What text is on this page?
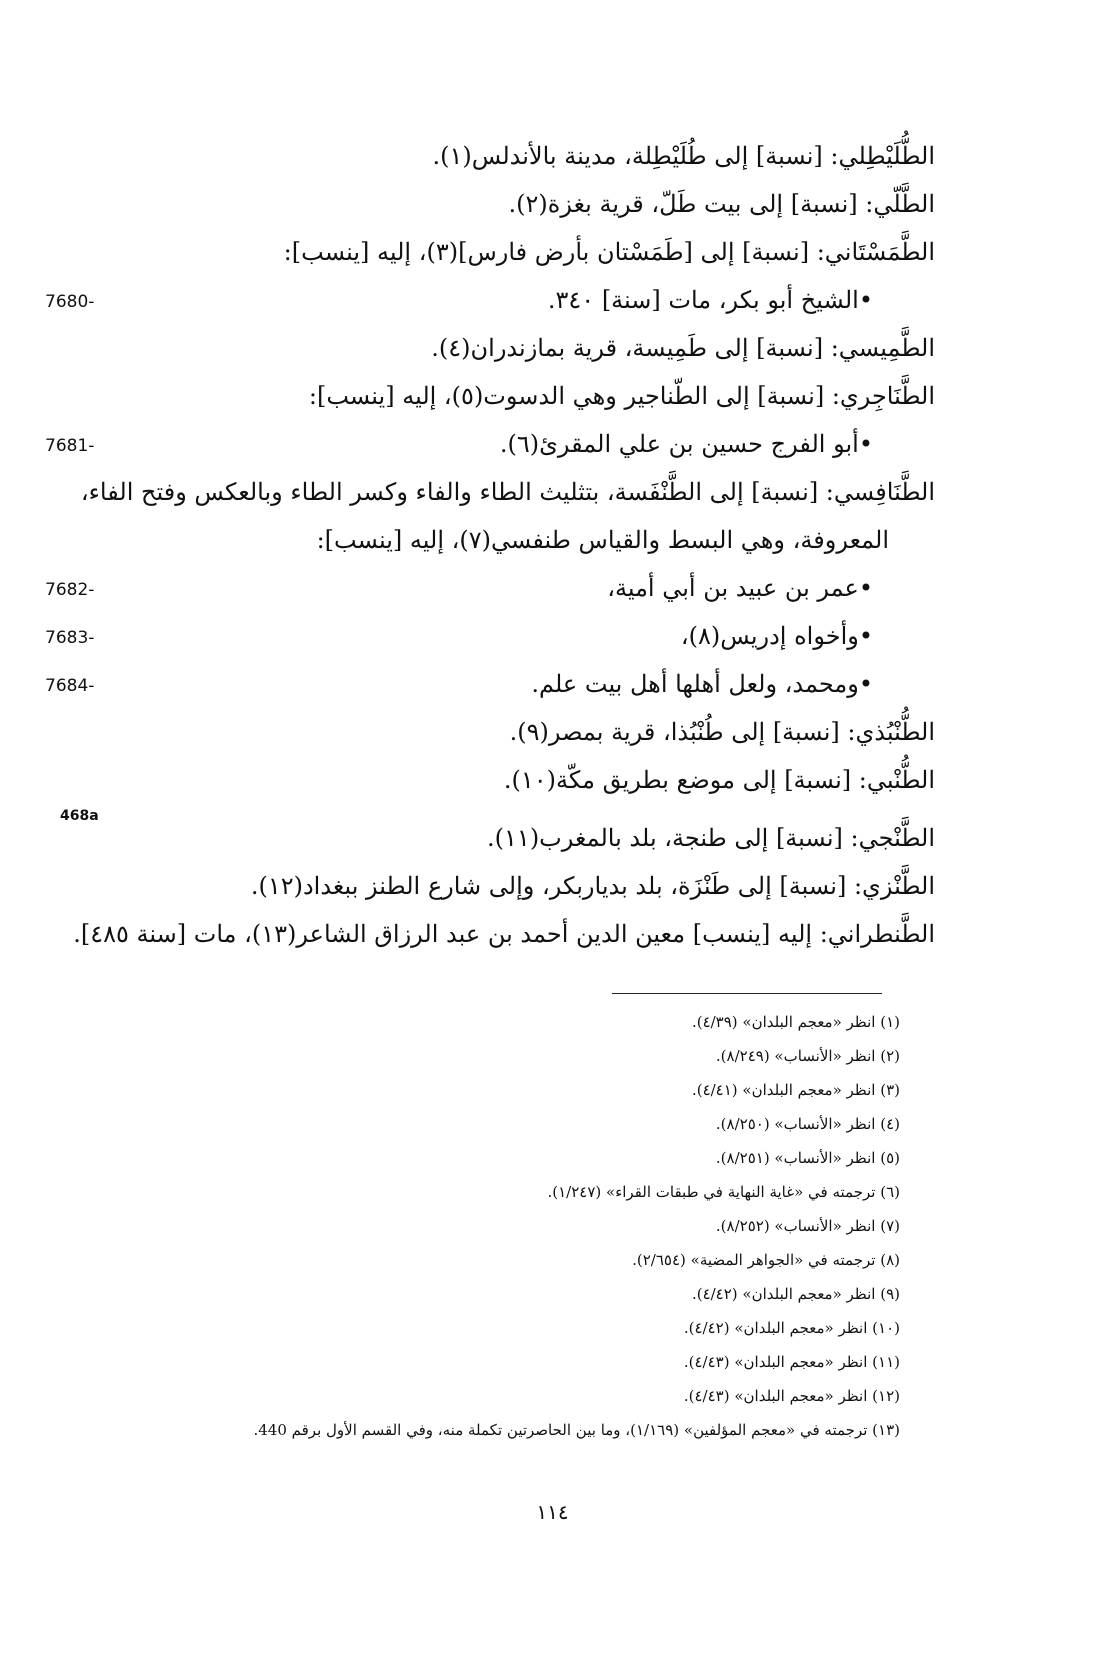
الطُّلَيْطِلي: [نسبة] إلى طُلَيْطِلة، مدينة بالأندلس(١).
الطَّلّي: [نسبة] إلى بيت طَلّ، قرية بغزة(٢).
الطَّمَسْتَاني: [نسبة] إلى [طَمَسْتان بأرض فارس](٣)، إليه [ينسب]:
•الشيخ أبو بكر، مات [سنة] ٣٤٠.
7680-
الطَّمِيسي: [نسبة] إلى طَمِيسة، قرية بمازندران(٤).
الطَّنَاجِري: [نسبة] إلى الطّناجير وهي الدسوت(٥)، إليه [ينسب]:
•أبو الفرج حسين بن علي المقرئ(٦).
7681-
الطَّنَافِسي: [نسبة] إلى الطَّنْفَسة، بتثليث الطاء والفاء وكسر الطاء وبالعكس وفتح الفاء،
المعروفة، وهي البسط والقياس طنفسي(٧)، إليه [ينسب]:
•عمر بن عبيد بن أبي أمية،
7682-
•وأخواه إدريس(٨)،
7683-
•ومحمد، ولعل أهلها أهل بيت علم.
7684-
الطُّنْبُذي: [نسبة] إلى طُنْبُذا، قرية بمصر(٩).
الطُّنْبي: [نسبة] إلى موضع بطريق مكّة(١٠).
468a
الطَّنْجي: [نسبة] إلى طنجة، بلد بالمغرب(١١).
الطَّنْزي: [نسبة] إلى طَنْزَة، بلد بدياربكر، وإلى شارع الطنز ببغداد(١٢).
الطَّنطراني: إليه [ينسب] معين الدين أحمد بن عبد الرزاق الشاعر(١٣)، مات [سنة ٤٨٥].
(١) انظر «معجم البلدان» (٤/٣٩).
(٢) انظر «الأنساب» (٨/٢٤٩).
(٣) انظر «معجم البلدان» (٤/٤١).
(٤) انظر «الأنساب» (٨/٢٥٠).
(٥) انظر «الأنساب» (٨/٢٥١).
(٦) ترجمته في «غاية النهاية في طبقات القراء» (١/٢٤٧).
(٧) انظر «الأنساب» (٨/٢٥٢).
(٨) ترجمته في «الجواهر المضية» (٢/٦٥٤).
(٩) انظر «معجم البلدان» (٤/٤٢).
(١٠) انظر «معجم البلدان» (٤/٤٢).
(١١) انظر «معجم البلدان» (٤/٤٣).
(١٢) انظر «معجم البلدان» (٤/٤٣).
(١٣) ترجمته في «معجم المؤلفين» (١/١٦٩)، وما بين الحاصرتين تكملة منه، وفي القسم الأول برقم 440.
١١٤
